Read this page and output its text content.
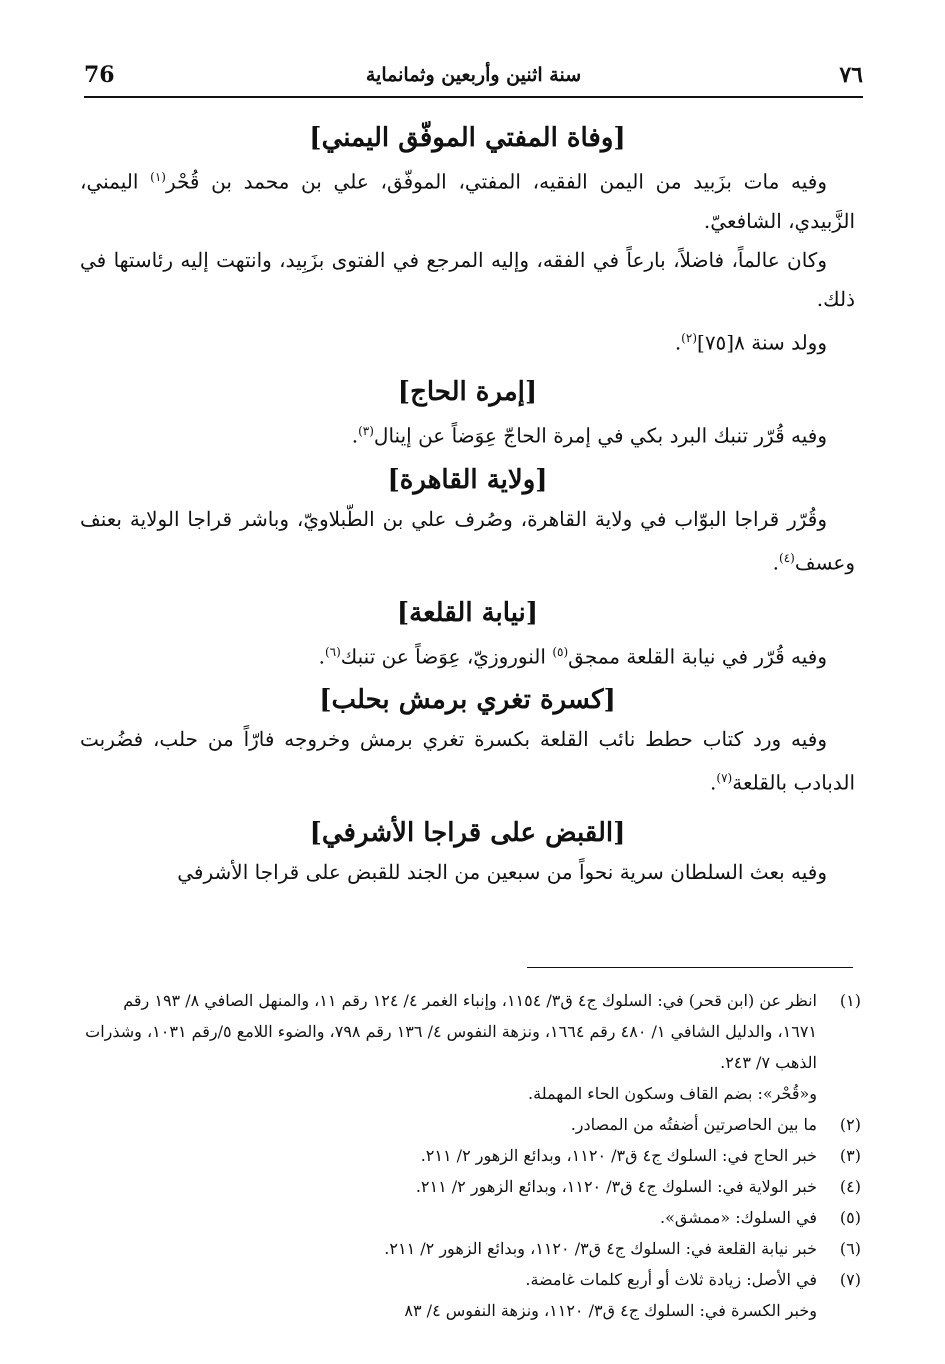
76	سنة اثنين وأربعين وثمانماية	٧٦
[وفاة المفتي الموفّق اليمني]

وفيه مات بزَبيد من اليمن الفقيه، المفتي، الموفّق، علي بن محمد بن قُحْر$^{(١)}$ اليمني، الزَّبيدي، الشافعيّ.

وكان عالماً، فاضلاً، بارعاً في الفقه، وإليه المرجع في الفتوى بزَبِيد، وانتهت إليه رئاستها في ذلك.

وولد سنة ٨[٧٥]$^{(٢)}$.

[إمرة الحاج]

وفيه قُرّر تنبك البرد بكي في إمرة الحاجّ عِوَضاً عن إينال$^{(٣)}$.

[ولاية القاهرة]

وقُرّر قراجا البوّاب في ولاية القاهرة، وصُرف علي بن الطّبلاويّ، وباشر قراجا الولاية بعنف وعسف$^{(٤)}$.

[نيابة القلعة]

وفيه قُرّر في نيابة القلعة ممجق$^{(٥)}$ النوروزيّ، عِوَضاً عن تنبك$^{(٦)}$.

[كسرة تغري برمش بحلب]

وفيه ورد كتاب حطط نائب القلعة بكسرة تغري برمش وخروجه فارّاً من حلب، فضُربت الدبادب بالقلعة$^{(٧)}$.

[القبض على قراجا الأشرفي]

وفيه بعث السلطان سرية نحواً من سبعين من الجند للقبض على قراجا الأشرفي

(١)
انظر عن (ابن قحر) في: السلوك ج٤ ق٣/ ١١٥٤، وإنباء الغمر ٤/ ١٢٤ رقم ١١، والمنهل الصافي ٨/ ١٩٣ رقم ١٦٧١، والدليل الشافي ١/ ٤٨٠ رقم ١٦٦٤، ونزهة النفوس ٤/ ١٣٦ رقم ٧٩٨، والضوء اللامع ٥/رقم ١٠٣١، وشذرات الذهب ٧/ ٢٤٣.

و«قُحْر»: بضم القاف وسكون الحاء المهملة.

(٢)
ما بين الحاصرتين أضفتُه من المصادر.

(٣)
خبر الحاج في: السلوك ج٤ ق٣/ ١١٢٠، وبدائع الزهور ٢/ ٢١١.

(٤)
خبر الولاية في: السلوك ج٤ ق٣/ ١١٢٠، وبدائع الزهور ٢/ ٢١١.

(٥)
في السلوك: «ممشق».

(٦)
خبر نيابة القلعة في: السلوك ج٤ ق٣/ ١١٢٠، وبدائع الزهور ٢/ ٢١١.

(٧)
في الأصل: زيادة ثلاث أو أربع كلمات غامضة.

وخبر الكسرة في: السلوك ج٤ ق٣/ ١١٢٠، ونزهة النفوس ٤/ ٨٣
